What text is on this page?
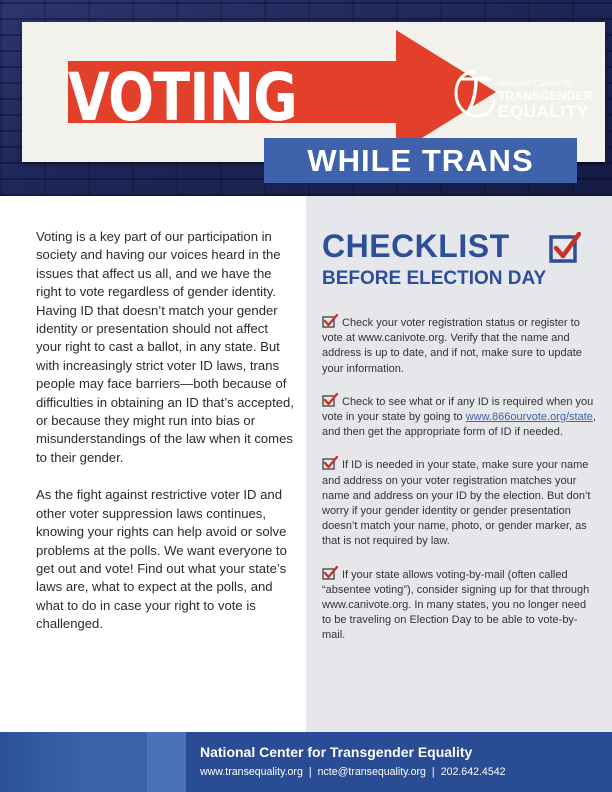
VOTING	National Center for
TRANSGENDER
EQUALITY
WHILE TRANS

Voting is a key part of our participation in society and having our voices heard in the issues that affect us all, and we have the right to vote regardless of gender identity. Having ID that doesn’t match your gender identity or presentation should not affect your right to cast a ballot, in any state. But with increasingly strict voter ID laws, trans people may face barriers—both because of difficulties in obtaining an ID that’s accepted, or because they might run into bias or misunderstandings of the law when it comes to their gender.

As the fight against restrictive voter ID and other voter suppression laws continues, knowing your rights can help avoid or solve problems at the polls. We want everyone to get out and vote! Find out what your state’s laws are, what to expect at the polls, and what to do in case your right to vote is challenged.

CHECKLIST
BEFORE ELECTION DAY
Check your voter registration status or register to vote at www.canivote.org. Verify that the name and address is up to date, and if not, make sure to update your information.
Check to see what or if any ID is required when you vote in your state by going to www.866ourvote.org/state, and then get the appropriate form of ID if needed.
If ID is needed in your state, make sure your name and address on your voter registration matches your name and address on your ID by the election. But don’t worry if your gender identity or gender presentation doesn’t match your name, photo, or gender marker, as that is not required by law.
If your state allows voting-by-mail (often called “absentee voting”), consider signing up for that through www.canivote.org. In many states, you no longer need to be traveling on Election Day to be able to vote-by-mail.
National Center for Transgender Equality
www.transequality.org | ncte@transequality.org | 202.642.4542
